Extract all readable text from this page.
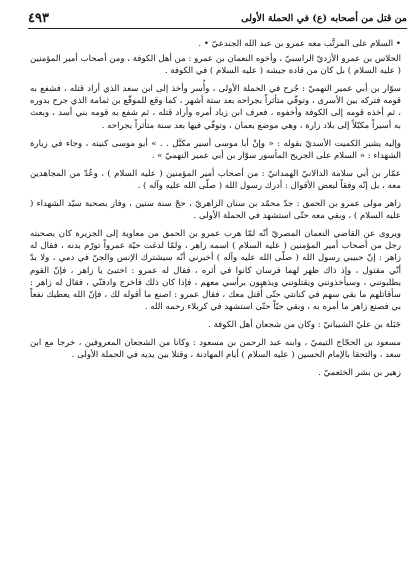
من قتل من أصحابه (ع) في الحملة الأولى
٤٩٣

• السلام على المرتَّب معه عمرو بن عبد الله الجندعيّ • .

الحلاس بن عمرو الأزديّ الراسبيّ ، وأخوه النعمان بن عمرو : من أهل الكوفة ، ومن أصحاب أمير المؤمنين ( عليه السلام ) بل كان من قادة جيشه ( عليه السلام ) في الكوفة .

سوّار بن أبي عمير النهميّ : جُرح في الحملة الأولى ، وأُسر وأخذ إلى ابن سعد الذي أراد قتله ، فشفع به قومه فتركه بين الأسرى ، وتوفّي متأثراً بجراحه بعد ستة أشهر ، كما وقع للموقّع بن ثمامة الذي جرح بدوره ، ثم أخذه قومه إلى الكوفة وأخفوه ، فعرف ابن زياد أمره وأراد قتله ، ثم شفع به قومه بني أسد ، وبعث به أسيراً مكبّلاً إلى بلاد زارة ، وهي موضع بعمان ، وتوفّي فيها بعد سنة متأثراً بجراحه .

وإليه يشير الكميت الأسديّ بقوله : « وإنْ أبا موسى أسير مكبَّل . . » أبو موسى كنيته ، وجاء في زيارة الشهداء : « السلام على الجريح المأسور سوّار بن أبي عمير النهميّ » .

عمّار بن أبي سلامة الدالانيّ الهمدانيّ : من أصحاب أمير المؤمنين ( عليه السلام ) ، وعُدّ من المجاهدين معه ، بل إنّه وفقاً لبعض الأقوال : أدرك رسول الله ( صلّى الله عليه وآله ) .

زاهر مولى عمرو بن الحمق : جدّ محمّد بن سنان الزاهريّ ، حجّ سنة ستين ، وفاز بصحبة سيّد الشهداء ( عليه السلام ) ، وبقي معه حتّى استشهد في الحملة الأولى .

ويروى عن القاضي النعمان المصريّ أنّه لمّا هرب عمرو بن الحمق من معاوية إلى الجزيرة كان بصحبته رجل من أصحاب أمير المؤمنين ( عليه السلام ) اسمه زاهر ، ولمّا لدغت حيّة عمرواً تورّم بدنه ، فقال له زاهر : إنّ حبيبي رسول الله ( صلّى الله عليه وآله ) أخبرني أنّه سيشترك الإنس والجنّ في دمي ، ولا بدّ أنّي مقتول ، وإذ ذاك ظهر لهما فرسان كانوا في أثره ، فقال له عمرو : اختبئ يا زاهر ، فإنّ القوم يطلبونني ، وسيأخذونني ويقتلونني ويذهبون برأسي معهم ، فإذا كان ذلك فاخرج وادفنّي ، فقال له زاهر : سأقاتلهم ما بقي سهم في كنانتي حتّى أُقتل معك ، فقال عمرو : اصنع ما أقوله لك ، فإنّ الله يعطيك نفعاً بي فصنع زاهر ما أمره به ، وبقي حيّاً حتّى استشهد في كربلاء رحمه الله .

جَبَلة بن عليّ الشيبانيّ : وكان من شجعان أهل الكوفة .

مسعود بن الحجّاج التيميّ ، وابنه عبد الرحمن بن مسعود : وكانا من الشجعان المعروفين ، خرجا مع ابن سعد ، والتحقا بالإمام الحسين ( عليه السلام ) أيام المهادنة ، وقتلا بين يديه في الحملة الأولى .

زهير بن بشر الخثعميّ .
